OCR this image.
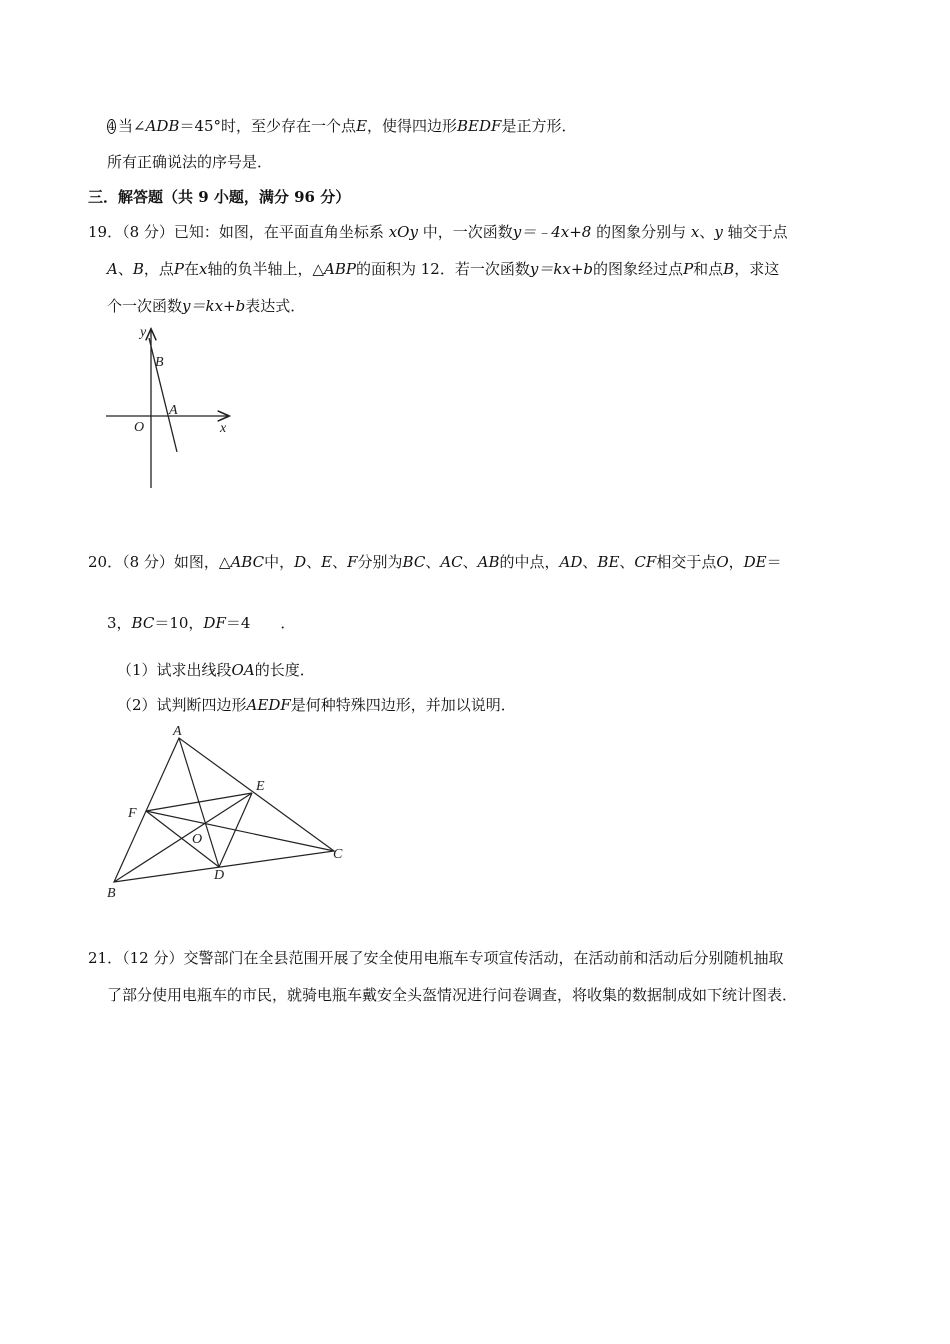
4 当∠ADB＝45°时，至少存在一个点E，使得四边形BEDF是正方形．
所有正确说法的序号是．
三．解答题（共 9 小题，满分 96 分）
19．（8 分）已知：如图，在平面直角坐标系 xOy 中，一次函数y＝﹣4x+8 的图象分别与 x、y 轴交于点
A、B，点P在x轴的负半轴上，△ABP的面积为 12．若一次函数y＝kx+b的图象经过点P和点B，求这
个一次函数y＝kx+b表达式．
y
B
A
O	x
20．（8 分）如图，△ABC中，D、E、F分别为BC、AC、AB的中点，AD、BE、CF相交于点O，DE＝
3，BC＝10，DF＝4 ．
（1）试求出线段OA的长度．
（2）试判断四边形AEDF是何种特殊四边形，并加以说明．
A
E
F
O
C
D
B
21．（12 分）交警部门在全县范围开展了安全使用电瓶车专项宣传活动，在活动前和活动后分别随机抽取
了部分使用电瓶车的市民，就骑电瓶车戴安全头盔情况进行问卷调查，将收集的数据制成如下统计图表．
